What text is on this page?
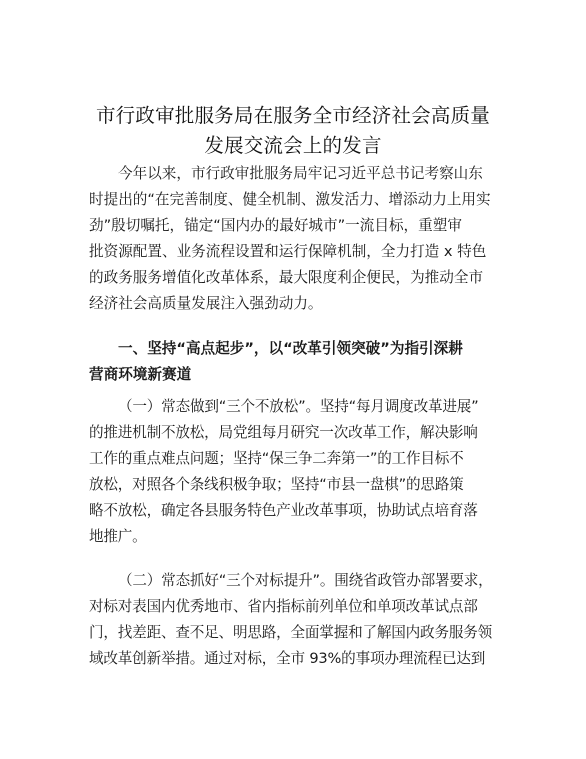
市行政审批服务局在服务全市经济社会高质量
发展交流会上的发言
今年以来，市行政审批服务局牢记习近平总书记考察山东
时提出的“在完善制度、健全机制、激发活力、增添动力上用实
劲”殷切嘱托，锚定“国内办的最好城市”一流目标，重塑审
批资源配置、业务流程设置和运行保障机制，全力打造 x 特色
的政务服务增值化改革体系，最大限度利企便民，为推动全市
经济社会高质量发展注入强劲动力。
一、坚持“高点起步”，以“改革引领突破”为指引深耕
营商环境新赛道
（一）常态做到“三个不放松”。坚持“每月调度改革进展”
的推进机制不放松，局党组每月研究一次改革工作，解决影响
工作的重点难点问题；坚持“保三争二奔第一”的工作目标不
放松，对照各个条线积极争取；坚持“市县一盘棋”的思路策
略不放松，确定各县服务特色产业改革事项，协助试点培育落
地推广。
（二）常态抓好“三个对标提升”。围绕省政管办部署要求，
对标对表国内优秀地市、省内指标前列单位和单项改革试点部
门，找差距、查不足、明思路，全面掌握和了解国内政务服务领
域改革创新举措。通过对标，全市 93%的事项办理流程已达到
